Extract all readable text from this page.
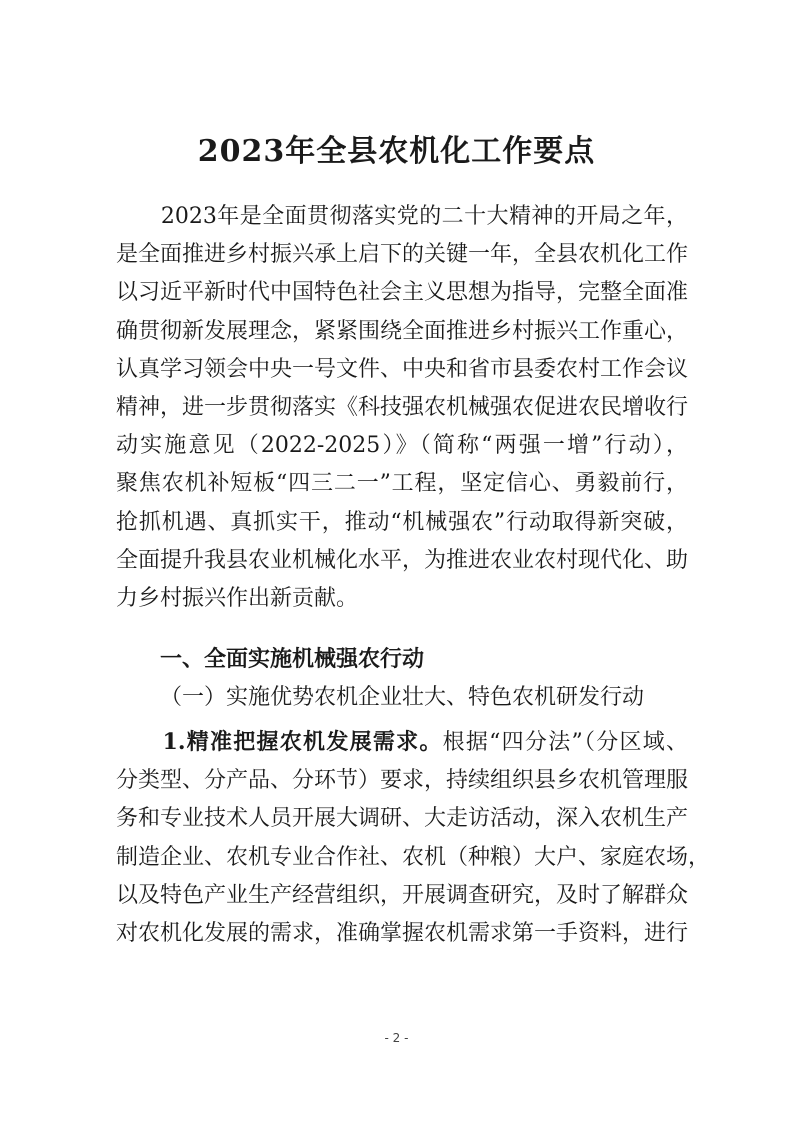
2023年全县农机化工作要点
　　2023年是全面贯彻落实党的二十大精神的开局之年，
是全面推进乡村振兴承上启下的关键一年，全县农机化工作
以习近平新时代中国特色社会主义思想为指导，完整全面准
确贯彻新发展理念，紧紧围绕全面推进乡村振兴工作重心，
认真学习领会中央一号文件、中央和省市县委农村工作会议
精神，进一步贯彻落实《科技强农机械强农促进农民增收行
动实施意见（2022-2025）》（简称“两强一增”行动），
聚焦农机补短板“四三二一”工程，坚定信心、勇毅前行，
抢抓机遇、真抓实干，推动“机械强农”行动取得新突破，
全面提升我县农业机械化水平，为推进农业农村现代化、助
力乡村振兴作出新贡献。
一、全面实施机械强农行动
（一）实施优势农机企业壮大、特色农机研发行动
　　1.精准把握农机发展需求。根据“四分法”（分区域、
分类型、分产品、分环节）要求，持续组织县乡农机管理服
务和专业技术人员开展大调研、大走访活动，深入农机生产
制造企业、农机专业合作社、农机（种粮）大户、家庭农场，
以及特色产业生产经营组织，开展调查研究，及时了解群众
对农机化发展的需求，准确掌握农机需求第一手资料，进行
- 2 -
